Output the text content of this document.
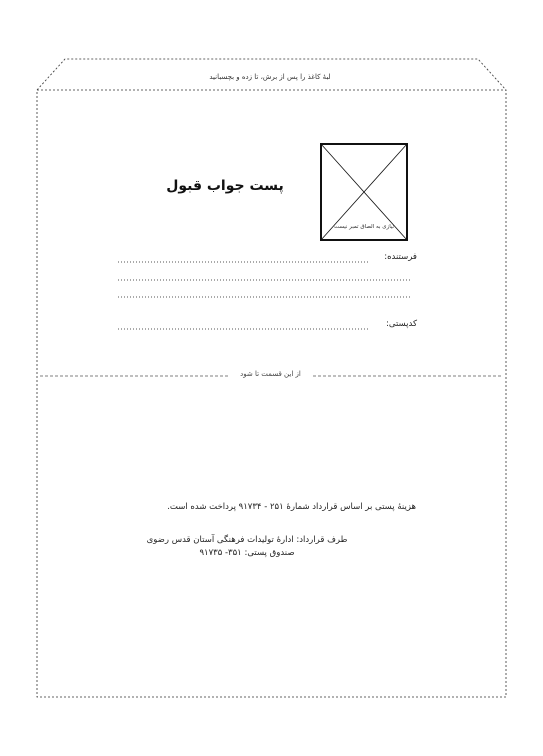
لبهٔ کاغذ را پس از برش، تا زده و بچسبانید
پست جواب قبول
نیازی به الصاق تمبر نیست
فرستنده:
کدپستی:
از این قسمت تا شود
هزینهٔ پستی بر اساس قرارداد شمارهٔ ۲۵۱ - ۹۱۷۳۴ پرداخت شده است.
طرف قرارداد: ادارهٔ تولیدات فرهنگی آستان قدس رضوی
صندوق پستی: ۳۵۱- ۹۱۷۳۵
